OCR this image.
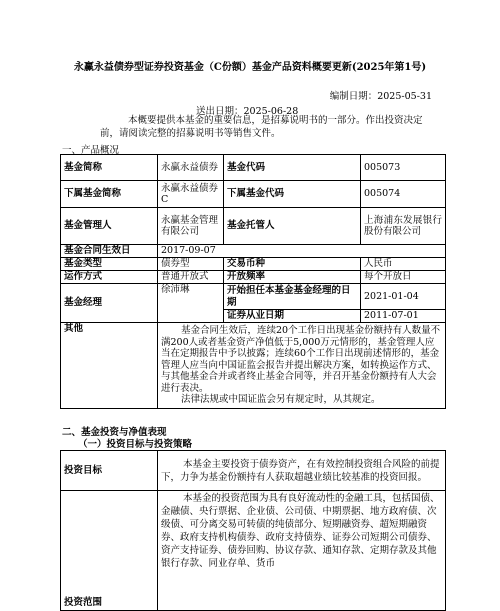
永赢永益债券型证券投资基金（C份额）基金产品资料概要更新(2025年第1号)
编制日期：2025-05-31
送出日期：2025-06-28
本概要提供本基金的重要信息，是招募说明书的一部分。作出投资决定前，请阅读完整的招募说明书等销售文件。
一、产品概况
基金简称	永赢永益债券	基金代码	005073
下属基金简称	永赢永益债券C	下属基金代码	005074
基金管理人	永赢基金管理有限公司	基金托管人	上海浦东发展银行股份有限公司
基金合同生效日	2017-09-07		
基金类型	债券型	交易币种	人民币
运作方式	普通开放式	开放频率	每个开放日
基金经理	徐沛琳	开始担任本基金基金经理的日期	2021-01-04
		证券从业日期	2011-07-01
其他	基金合同生效后，连续20个工作日出现基金份额持有人数量不满200人或者基金资产净值低于5,000万元情形的，基金管理人应当在定期报告中予以披露；连续60个工作日出现前述情形的，基金管理人应当向中国证监会报告并提出解决方案，如转换运作方式、与其他基金合并或者终止基金合同等，并召开基金份额持有人大会进行表决。

法律法规或中国证监会另有规定时，从其规定。		

二、基金投资与净值表现
（一）投资目标与投资策略
投资目标	本基金主要投资于债券资产，在有效控制投资组合风险的前提下，力争为基金份额持有人获取超越业绩比较基准的投资回报。
投资范围	本基金的投资范围为具有良好流动性的金融工具，包括国债、金融债、央行票据、企业债、公司债、中期票据、地方政府债、次级债、可分离交易可转债的纯债部分、短期融资券、超短期融资券、政府支持机构债券、政府支持债券、证券公司短期公司债券、资产支持证券、债券回购、协议存款、通知存款、定期存款及其他银行存款、同业存单、货币
